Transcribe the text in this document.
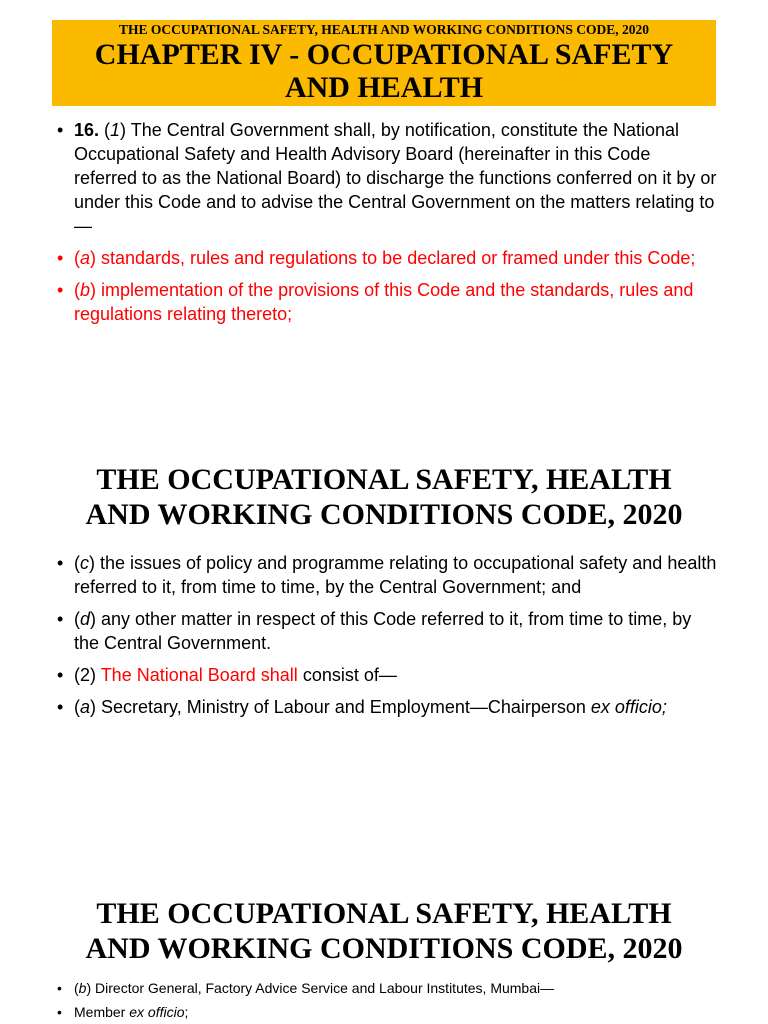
THE OCCUPATIONAL SAFETY, HEALTH AND WORKING CONDITIONS CODE, 2020
CHAPTER IV - OCCUPATIONAL SAFETY
AND HEALTH
• 16. (1) The Central Government shall, by notification, constitute the National Occupational Safety and Health Advisory Board (hereinafter in this Code referred to as the National Board) to discharge the functions conferred on it by or under this Code and to advise the Central Government on the matters relating to—
• (a) standards, rules and regulations to be declared or framed under this Code;
• (b) implementation of the provisions of this Code and the standards, rules and regulations relating thereto;
THE OCCUPATIONAL SAFETY, HEALTH
AND WORKING CONDITIONS CODE, 2020
• (c) the issues of policy and programme relating to occupational safety and health referred to it, from time to time, by the Central Government; and
• (d) any other matter in respect of this Code referred to it, from time to time, by the Central Government.
• (2) The National Board shall consist of—
• (a) Secretary, Ministry of Labour and Employment—Chairperson ex officio;
THE OCCUPATIONAL SAFETY, HEALTH
AND WORKING CONDITIONS CODE, 2020
• (b) Director General, Factory Advice Service and Labour Institutes, Mumbai—
• Member ex officio;
